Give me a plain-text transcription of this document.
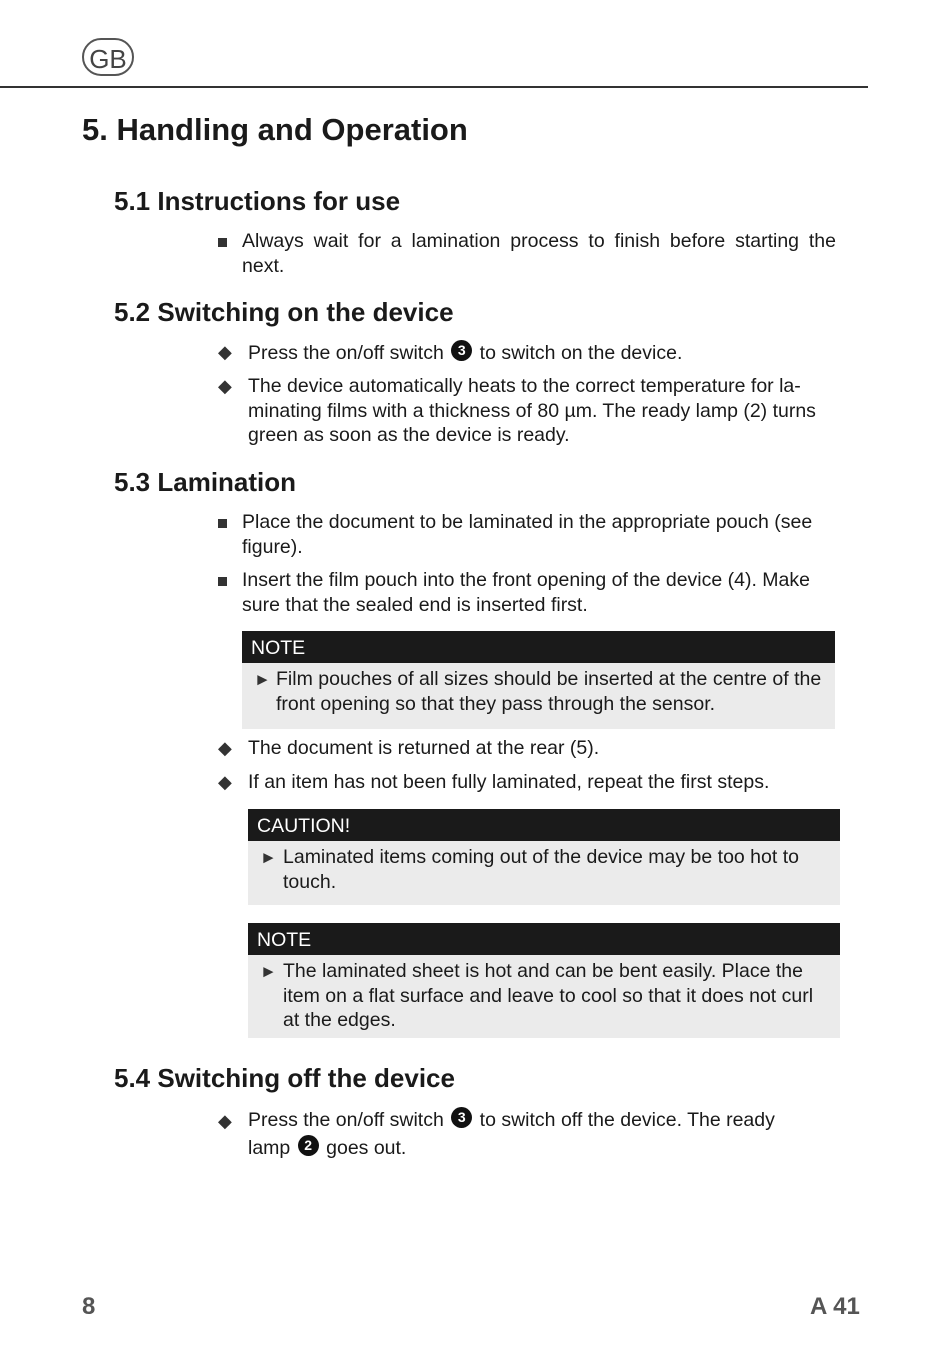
GB
5. Handling and Operation
5.1 Instructions for use
Always wait for a lamination process to finish before starting the next.
5.2 Switching on the device
◆ Press the on/off switch 3 to switch on the device.
◆ The device automatically heats to the correct temperature for la-minating films with a thickness of 80 µm. The ready lamp (2) turns green as soon as the device is ready.
5.3 Lamination
Place the document to be laminated in the appropriate pouch (see figure).
Insert the film pouch into the front opening of the device (4). Make sure that the sealed end is inserted first.
NOTE
► Film pouches of all sizes should be inserted at the centre of the front opening so that they pass through the sensor.
◆ The document is returned at the rear (5).
◆ If an item has not been fully laminated, repeat the first steps.
CAUTION!
► Laminated items coming out of the device may be too hot to touch.
NOTE
► The laminated sheet is hot and can be bent easily. Place the item on a flat surface and leave to cool so that it does not curl at the edges.
5.4 Switching off the device
◆ Press the on/off switch 3 to switch off the device. The ready
lamp 2 goes out.
8	A 41
